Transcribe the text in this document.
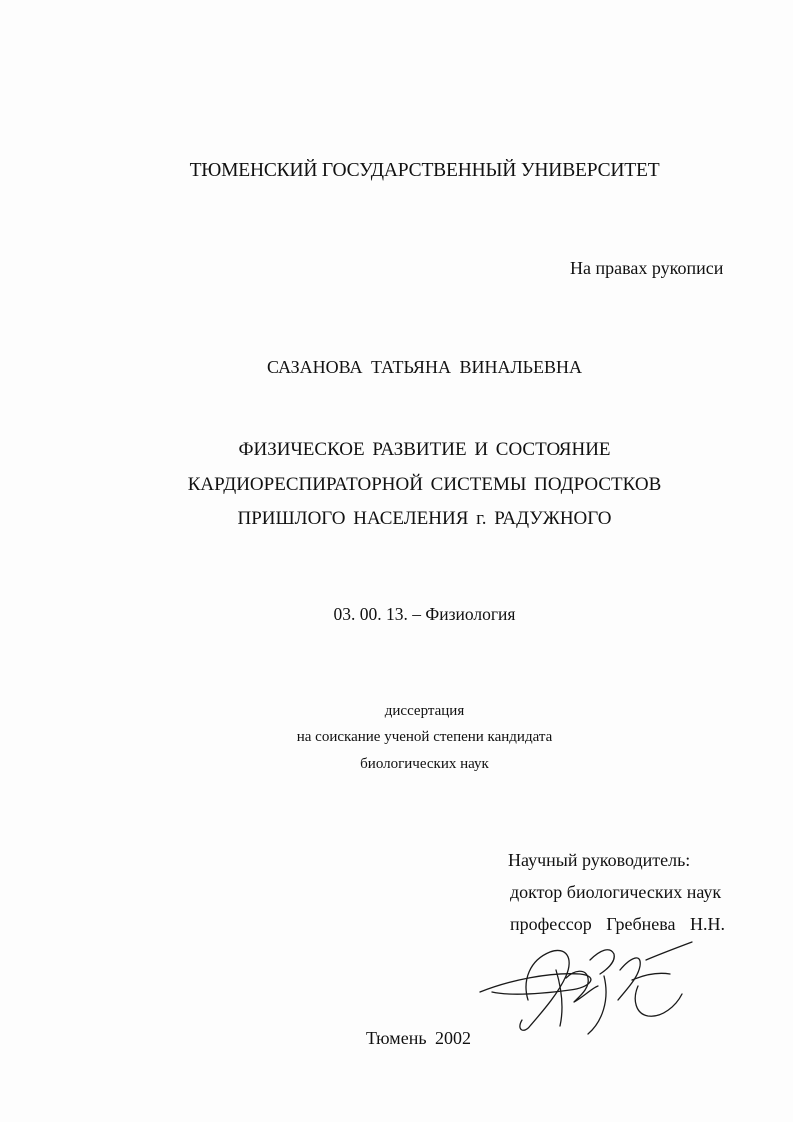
ТЮМЕНСКИЙ ГОСУДАРСТВЕННЫЙ УНИВЕРСИТЕТ
На правах рукописи
САЗАНОВА ТАТЬЯНА ВИНАЛЬЕВНА
ФИЗИЧЕСКОЕ РАЗВИТИЕ И СОСТОЯНИЕ
КАРДИОРЕСПИРАТОРНОЙ СИСТЕМЫ ПОДРОСТКОВ
ПРИШЛОГО НАСЕЛЕНИЯ г. РАДУЖНОГО
03. 00. 13. – Физиология
диссертация
на соискание ученой степени кандидата
биологических наук
Научный руководитель:
доктор биологических наук
профессор Гребнева Н.Н.
Тюмень 2002
